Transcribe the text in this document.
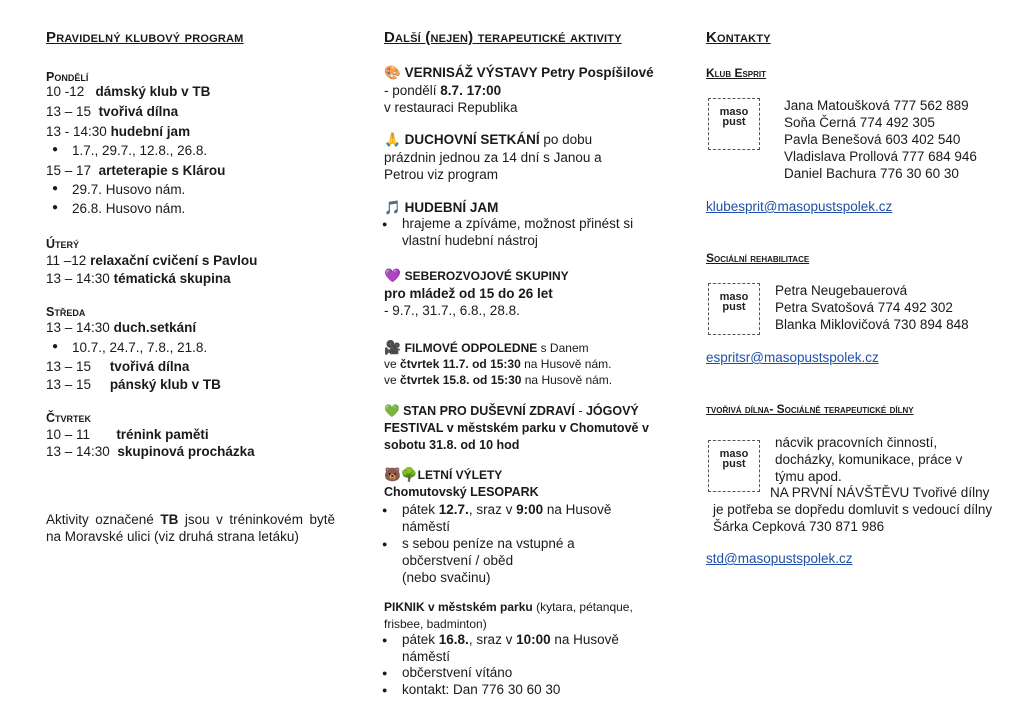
Pravidelný klubový program
Pondělí
10 -12 dámský klub v TB
13 – 15 tvořivá dílna
13 - 14:30 hudební jam
● 1.7., 29.7., 12.8., 26.8.
15 – 17 arteterapie s Klárou
● 29.7. Husovo nám.
● 26.8. Husovo nám.
Úterý
11 –12 relaxační cvičení s Pavlou
13 – 14:30 tématická skupina
Středa
13 – 14:30 duch.setkání
● 10.7., 24.7., 7.8., 21.8.
13 – 15 tvořivá dílna
13 – 15 pánský klub v TB
Čtvrtek
10 – 11 trénink paměti
13 – 14:30 skupinová procházka
Aktivity označené TB jsou v tréninkovém bytě na Moravské ulici (viz druhá strana letáku)
Další (nejen) terapeutické aktivity
🎨 VERNISÁŽ VÝSTAVY Petry Pospíšilové - pondělí 8.7. 17:00
v restauraci Republika
🙏 DUCHOVNÍ SETKÁNÍ po dobu prázdnin jednou za 14 dní s Janou a Petrou viz program
🎵 HUDEBNÍ JAM
● hrajeme a zpíváme, možnost přinést si vlastní hudební nástroj
💜 SEBEROZVOJOVÉ SKUPINY
pro mládež od 15 do 26 let
- 9.7., 31.7., 6.8., 28.8.
🎥 FILMOVÉ ODPOLEDNE s Danem
ve čtvrtek 11.7. od 15:30 na Husově nám.
ve čtvrtek 15.8. od 15:30 na Husově nám.
💚 STAN PRO DUŠEVNÍ ZDRAVÍ - JÓGOVÝ FESTIVAL v městském parku v Chomutově v sobotu 31.8. od 10 hod
🐻🌳LETNÍ VÝLETY
Chomutovský LESOPARK
● pátek 12.7., sraz v 9:00 na Husově náměstí
● s sebou peníze na vstupné a občerstvení / oběd
(nebo svačinu)
PIKNIK v městském parku (kytara, pétanque, frisbee, badminton)
● pátek 16.8., sraz v 10:00 na Husově náměstí
● občerstvení vítáno
● kontakt: Dan 776 30 60 30
Kontakty
Klub Esprit
maso
pust
Jana Matoušková 777 562 889
Soňa Černá 774 492 305
Pavla Benešová 603 402 540
Vladislava Prollová 777 684 946
Daniel Bachura 776 30 60 30
klubesprit@masopustspolek.cz
Sociální rehabilitace
maso
pust
Petra Neugebauerová
Petra Svatošová 774 492 302
Blanka Miklovičová 730 894 848
espritsr@masopustspolek.cz
tvořivá dílna- Sociálně terapeutické dílny
maso
pust
nácvik pracovních činností, docházky, komunikace, práce v týmu apod.
NA PRVNÍ NÁVŠTĚVU Tvořivé dílny je potřeba se dopředu domluvit s vedoucí dílny Šárka Cepková 730 871 986
std@masopustspolek.cz
